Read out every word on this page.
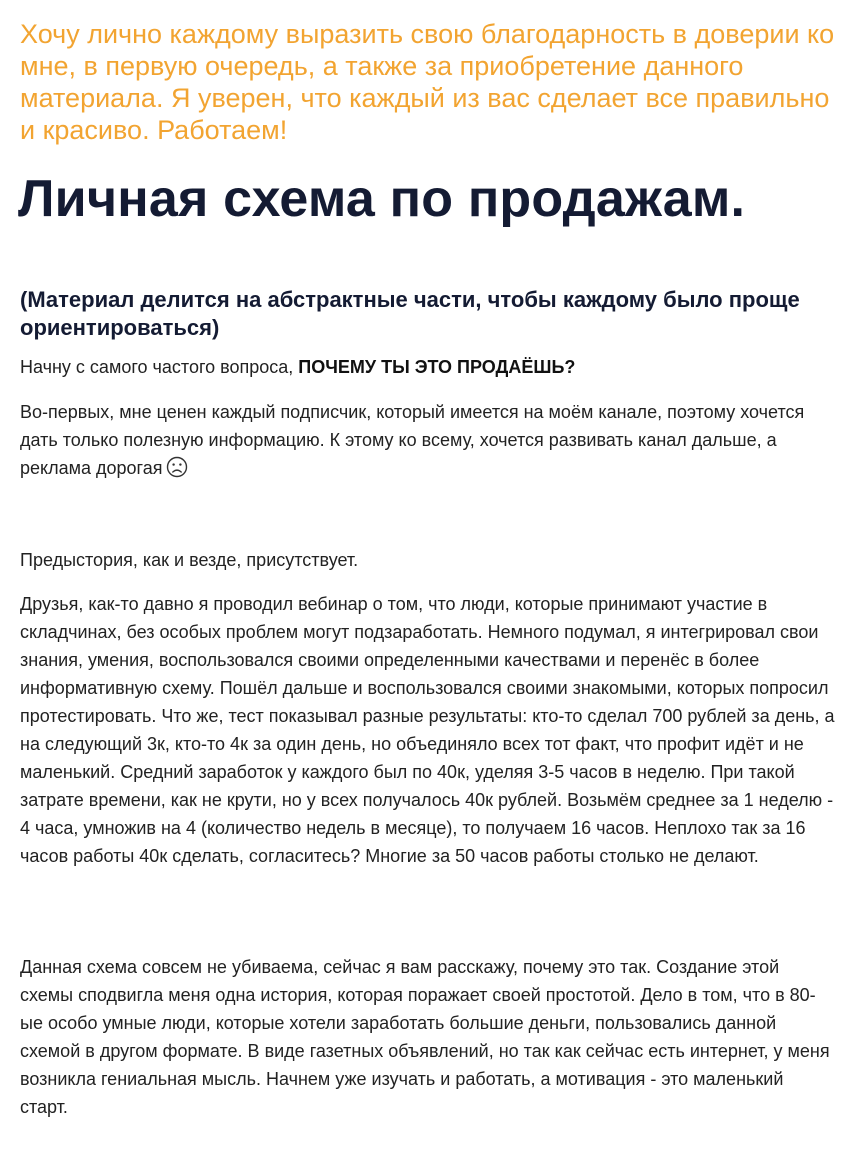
Хочу лично каждому выразить свою благодарность в доверии ко мне, в первую очередь, а также за приобретение данного материала. Я уверен, что каждый из вас сделает все правильно и красиво. Работаем!

Личная схема по продажам.

(Материал делится на абстрактные части, чтобы каждому было проще ориентироваться)

Начну с самого частого вопроса, ПОЧЕМУ ТЫ ЭТО ПРОДАЁШЬ?

Во-первых, мне ценен каждый подписчик, который имеется на моём канале, поэтому хочется дать только полезную информацию. К этому ко всему, хочется развивать канал дальше, а реклама дорогая

Предыстория, как и везде, присутствует.

Друзья, как-то давно я проводил вебинар о том, что люди, которые принимают участие в складчинах, без особых проблем могут подзаработать. Немного подумал, я интегрировал свои знания, умения, воспользовался своими определенными качествами и перенёс в более информативную схему. Пошёл дальше и воспользовался своими знакомыми, которых попросил протестировать. Что же, тест показывал разные результаты: кто-то сделал 700 рублей за день, а на следующий 3к, кто-то 4к за один день, но объединяло всех тот факт, что профит идёт и не маленький. Средний заработок у каждого был по 40к, уделяя 3-5 часов в неделю. При такой затрате времени, как не крути, но у всех получалось 40к рублей. Возьмём среднее за 1 неделю - 4 часа, умножив на 4 (количество недель в месяце), то получаем 16 часов. Неплохо так за 16 часов работы 40к сделать, согласитесь? Многие за 50 часов работы столько не делают.

Данная схема совсем не убиваема, сейчас я вам расскажу, почему это так. Создание этой схемы сподвигла меня одна история, которая поражает своей простотой. Дело в том, что в 80-ые особо умные люди, которые хотели заработать большие деньги, пользовались данной схемой в другом формате. В виде газетных объявлений, но так как сейчас есть интернет, у меня возникла гениальная мысль. Начнем уже изучать и работать, а мотивация - это маленький старт.
